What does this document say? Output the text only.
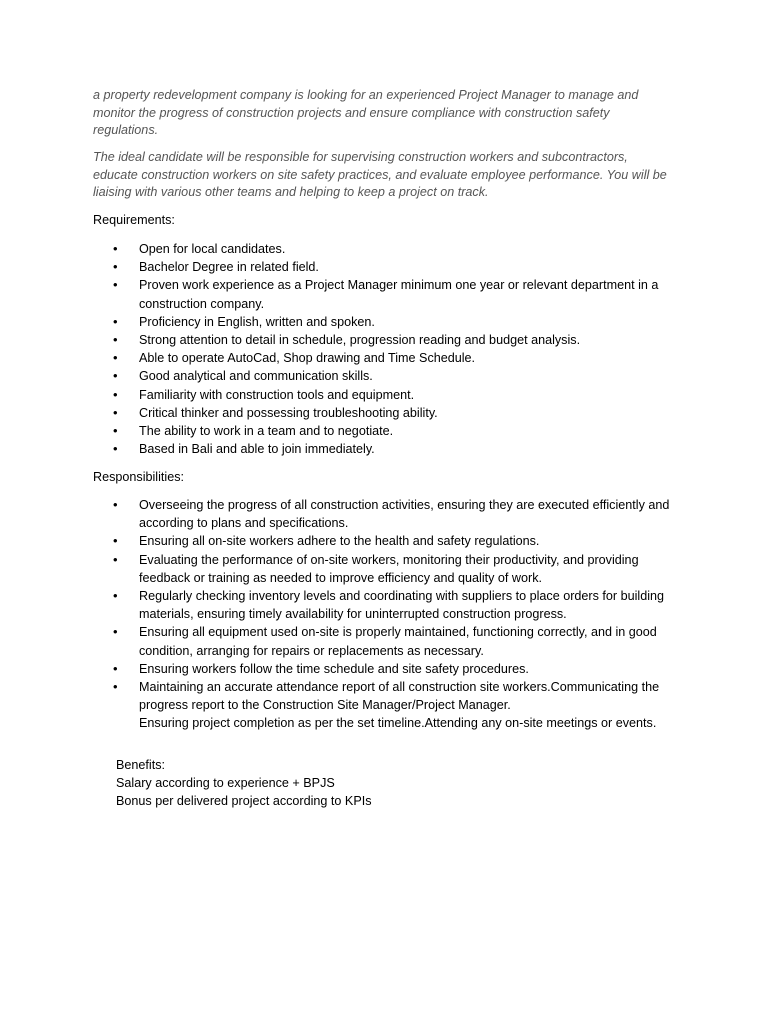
a property redevelopment company is looking for an experienced Project Manager to manage and monitor the progress of construction projects and ensure compliance with construction safety regulations.

The ideal candidate will be responsible for supervising construction workers and subcontractors, educate construction workers on site safety practices, and evaluate employee performance. You will be liaising with various other teams and helping to keep a project on track.

Requirements:

•	Open for local candidates.
•	Bachelor Degree in related field.
•	Proven work experience as a Project Manager minimum one year or relevant department in a construction company.
•	Proficiency in English, written and spoken.
•	Strong attention to detail in schedule, progression reading and budget analysis.
•	Able to operate AutoCad, Shop drawing and Time Schedule.
•	Good analytical and communication skills.
•	Familiarity with construction tools and equipment.
•	Critical thinker and possessing troubleshooting ability.
•	The ability to work in a team and to negotiate.
•	Based in Bali and able to join immediately.

Responsibilities:

•	Overseeing the progress of all construction activities, ensuring they are executed efficiently and according to plans and specifications.
•	Ensuring all on-site workers adhere to the health and safety regulations.
•	Evaluating the performance of on-site workers, monitoring their productivity, and providing feedback or training as needed to improve efficiency and quality of work.
•	Regularly checking inventory levels and coordinating with suppliers to place orders for building materials, ensuring timely availability for uninterrupted construction progress.
•	Ensuring all equipment used on-site is properly maintained, functioning correctly, and in good condition, arranging for repairs or replacements as necessary.
•	Ensuring workers follow the time schedule and site safety procedures.
•	Maintaining an accurate attendance report of all construction site workers.Communicating the progress report to the Construction Site Manager/Project Manager.
Ensuring project completion as per the set timeline.Attending any on-site meetings or events.
Benefits:
Salary according to experience + BPJS
Bonus per delivered project according to KPIs
